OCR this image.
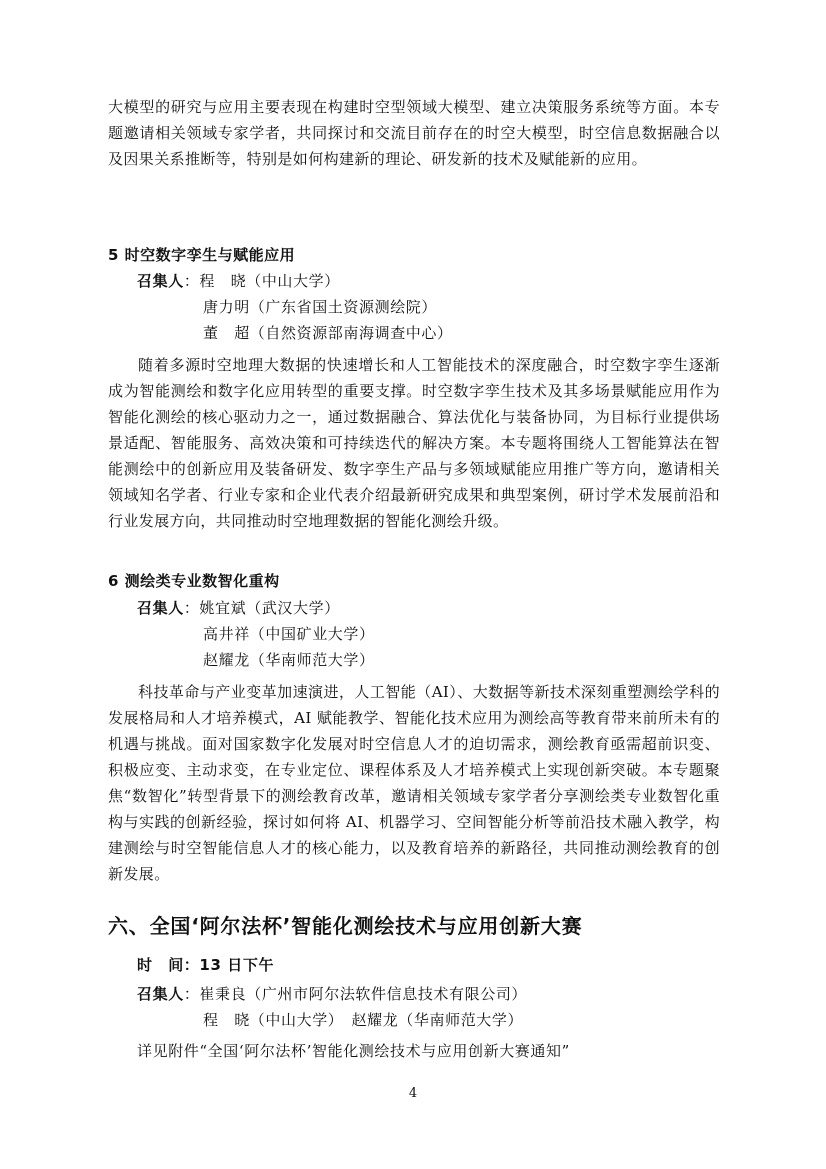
大模型的研究与应用主要表现在构建时空型领域大模型、建立决策服务系统等方面。本专题邀请相关领域专家学者，共同探讨和交流目前存在的时空大模型，时空信息数据融合以及因果关系推断等，特别是如何构建新的理论、研发新的技术及赋能新的应用。
5 时空数字孪生与赋能应用
召集人：程　晓（中山大学）
唐力明（广东省国土资源测绘院）
董　超（自然资源部南海调查中心）
随着多源时空地理大数据的快速增长和人工智能技术的深度融合，时空数字孪生逐渐成为智能测绘和数字化应用转型的重要支撑。时空数字孪生技术及其多场景赋能应用作为智能化测绘的核心驱动力之一，通过数据融合、算法优化与装备协同，为目标行业提供场景适配、智能服务、高效决策和可持续迭代的解决方案。本专题将围绕人工智能算法在智能测绘中的创新应用及装备研发、数字孪生产品与多领域赋能应用推广等方向，邀请相关领域知名学者、行业专家和企业代表介绍最新研究成果和典型案例，研讨学术发展前沿和行业发展方向，共同推动时空地理数据的智能化测绘升级。
6 测绘类专业数智化重构
召集人：姚宜斌（武汉大学）
高井祥（中国矿业大学）
赵耀龙（华南师范大学）
科技革命与产业变革加速演进，人工智能（AI）、大数据等新技术深刻重塑测绘学科的发展格局和人才培养模式，AI 赋能教学、智能化技术应用为测绘高等教育带来前所未有的机遇与挑战。面对国家数字化发展对时空信息人才的迫切需求，测绘教育亟需超前识变、积极应变、主动求变，在专业定位、课程体系及人才培养模式上实现创新突破。本专题聚焦“数智化”转型背景下的测绘教育改革，邀请相关领域专家学者分享测绘类专业数智化重构与实践的创新经验，探讨如何将 AI、机器学习、空间智能分析等前沿技术融入教学，构建测绘与时空智能信息人才的核心能力，以及教育培养的新路径，共同推动测绘教育的创新发展。
六、全国‘阿尔法杯’智能化测绘技术与应用创新大赛
时　间：13 日下午
召集人：崔秉良（广州市阿尔法软件信息技术有限公司）
程　晓（中山大学）　赵耀龙（华南师范大学）
详见附件“全国‘阿尔法杯’智能化测绘技术与应用创新大赛通知”
4
